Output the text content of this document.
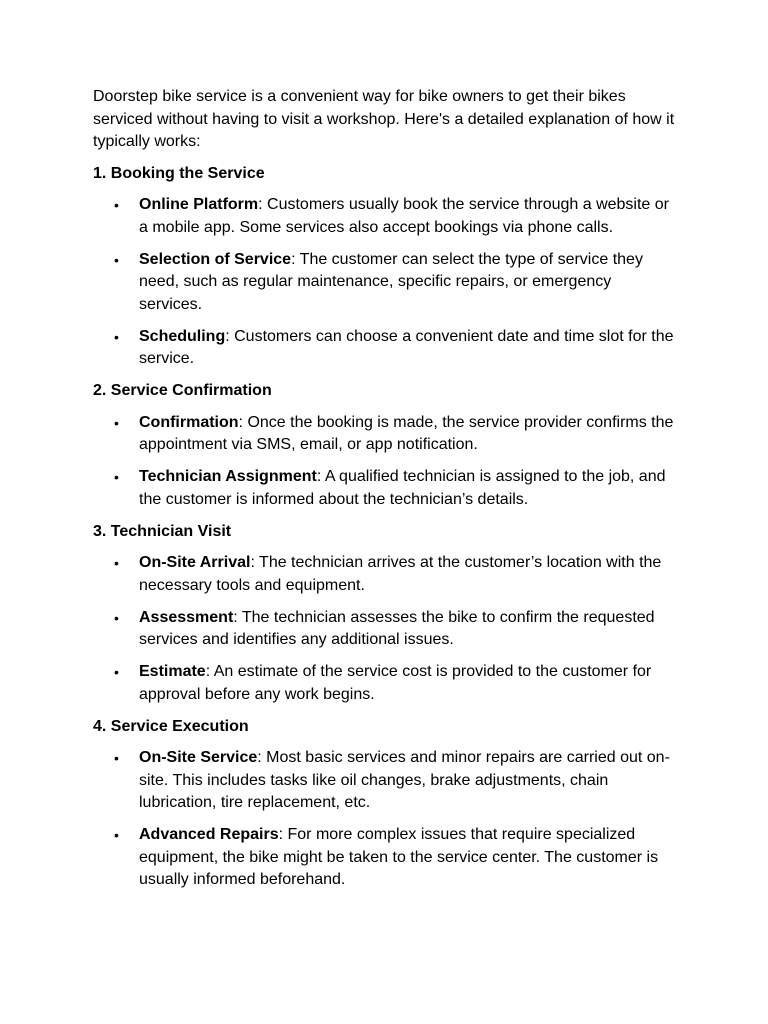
Doorstep bike service is a convenient way for bike owners to get their bikes serviced without having to visit a workshop. Here's a detailed explanation of how it typically works:

1. Booking the Service

• Online Platform: Customers usually book the service through a website or a mobile app. Some services also accept bookings via phone calls.
• Selection of Service: The customer can select the type of service they need, such as regular maintenance, specific repairs, or emergency services.
• Scheduling: Customers can choose a convenient date and time slot for the service.

2. Service Confirmation

• Confirmation: Once the booking is made, the service provider confirms the appointment via SMS, email, or app notification.
• Technician Assignment: A qualified technician is assigned to the job, and the customer is informed about the technician’s details.

3. Technician Visit

• On-Site Arrival: The technician arrives at the customer’s location with the necessary tools and equipment.
• Assessment: The technician assesses the bike to confirm the requested services and identifies any additional issues.
• Estimate: An estimate of the service cost is provided to the customer for approval before any work begins.

4. Service Execution

• On-Site Service: Most basic services and minor repairs are carried out on-site. This includes tasks like oil changes, brake adjustments, chain lubrication, tire replacement, etc.
• Advanced Repairs: For more complex issues that require specialized equipment, the bike might be taken to the service center. The customer is usually informed beforehand.
